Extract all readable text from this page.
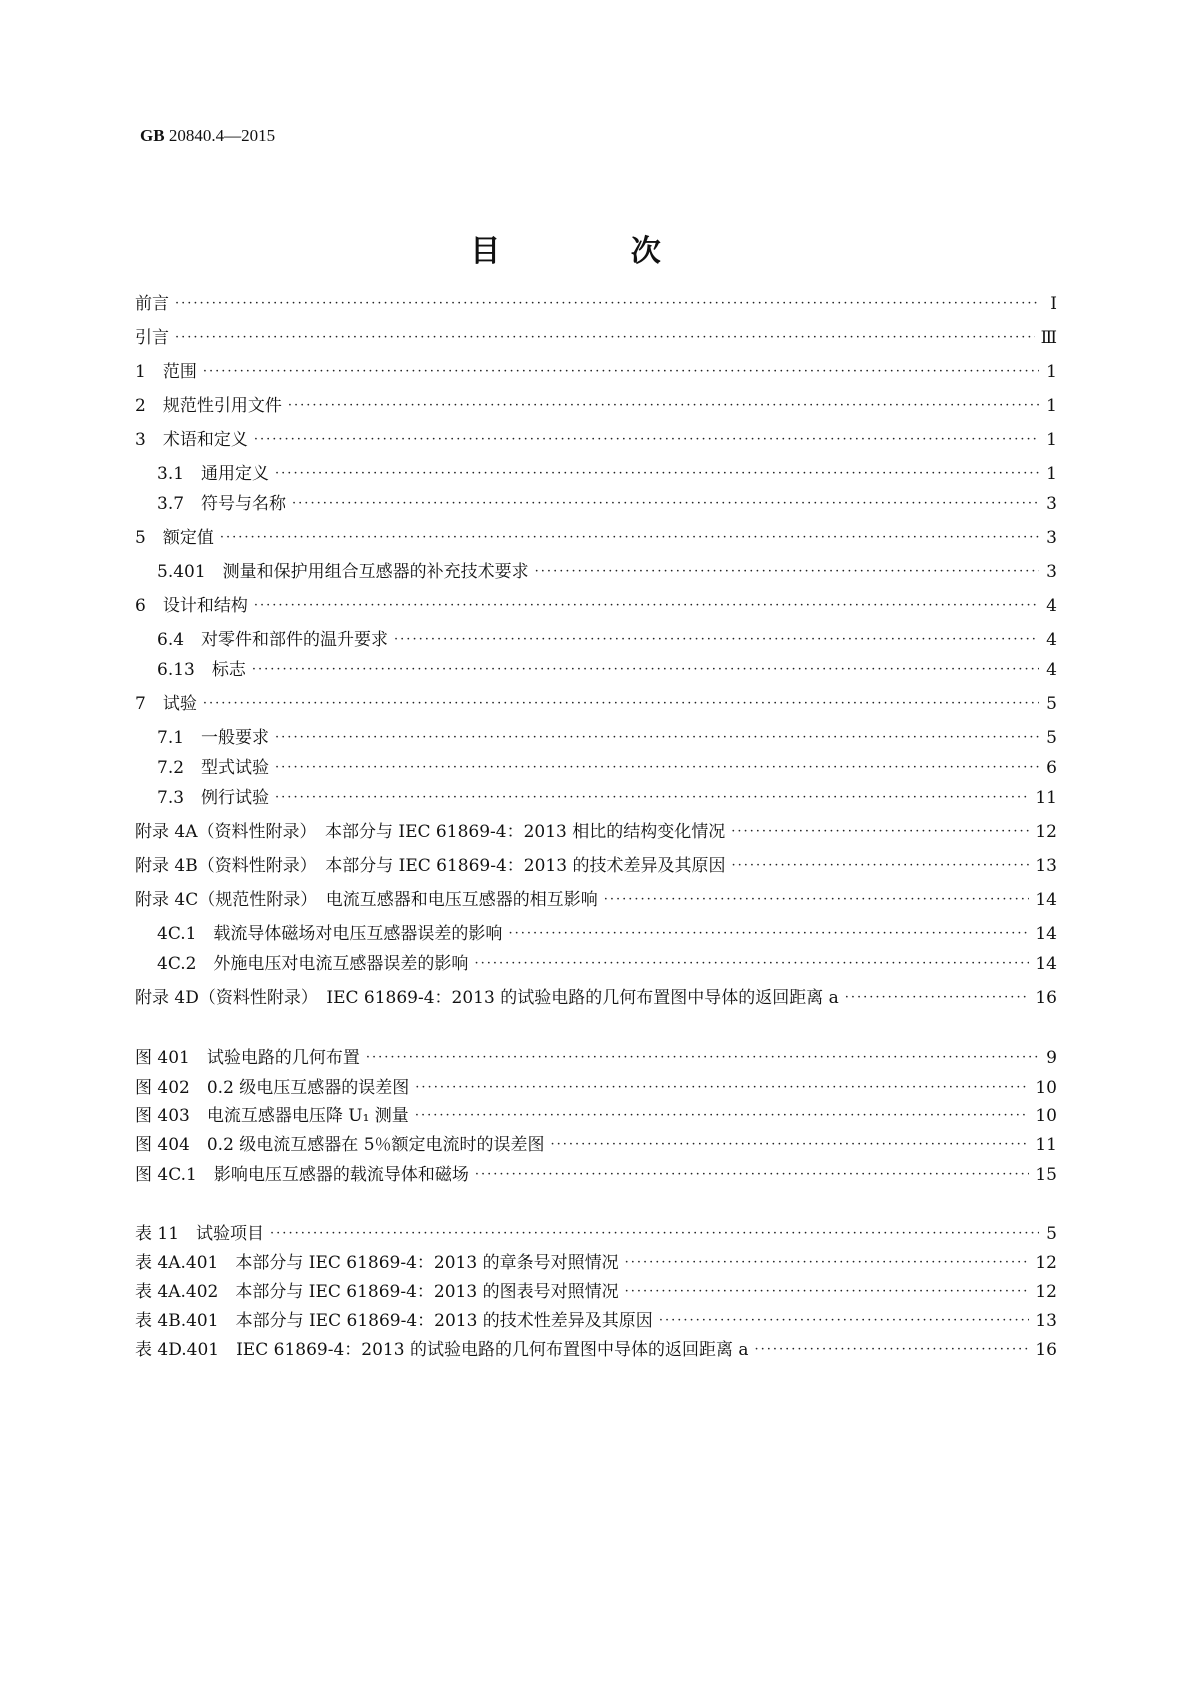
GB 20840.4—2015
目 次
前言 ·····	Ⅰ
引言 ·····	Ⅲ
1　范围 ·····	1
2　规范性引用文件 ·····	1
3　术语和定义 ·····	1
3.1　通用定义 ·····	1
3.7　符号与名称 ·····	3
5　额定值 ·····	3
5.401　测量和保护用组合互感器的补充技术要求 ·····	3
6　设计和结构 ·····	4
6.4　对零件和部件的温升要求 ·····	4
6.13　标志 ·····	4
7　试验 ·····	5
7.1　一般要求 ·····	5
7.2　型式试验 ·····	6
7.3　例行试验 ·····	11
附录 4A（资料性附录）　本部分与 IEC 61869-4：2013 相比的结构变化情况 ·····	12
附录 4B（资料性附录）　本部分与 IEC 61869-4：2013 的技术差异及其原因 ·····	13
附录 4C（规范性附录）　电流互感器和电压互感器的相互影响 ·····	14
4C.1　载流导体磁场对电压互感器误差的影响 ·····	14
4C.2　外施电压对电流互感器误差的影响 ·····	14
附录 4D（资料性附录）　IEC 61869-4：2013 的试验电路的几何布置图中导体的返回距离 a ·····	16
图 401　试验电路的几何布置 ·····	9
图 402　0.2 级电压互感器的误差图 ·····	10
图 403　电流互感器电压降 U₁ 测量 ·····	10
图 404　0.2 级电流互感器在 5％额定电流时的误差图 ·····	11
图 4C.1　影响电压互感器的载流导体和磁场 ·····	15
表 11　试验项目 ·····	5
表 4A.401　本部分与 IEC 61869-4：2013 的章条号对照情况 ·····	12
表 4A.402　本部分与 IEC 61869-4：2013 的图表号对照情况 ·····	12
表 4B.401　本部分与 IEC 61869-4：2013 的技术性差异及其原因 ·····	13
表 4D.401　IEC 61869-4：2013 的试验电路的几何布置图中导体的返回距离 a ·····	16
